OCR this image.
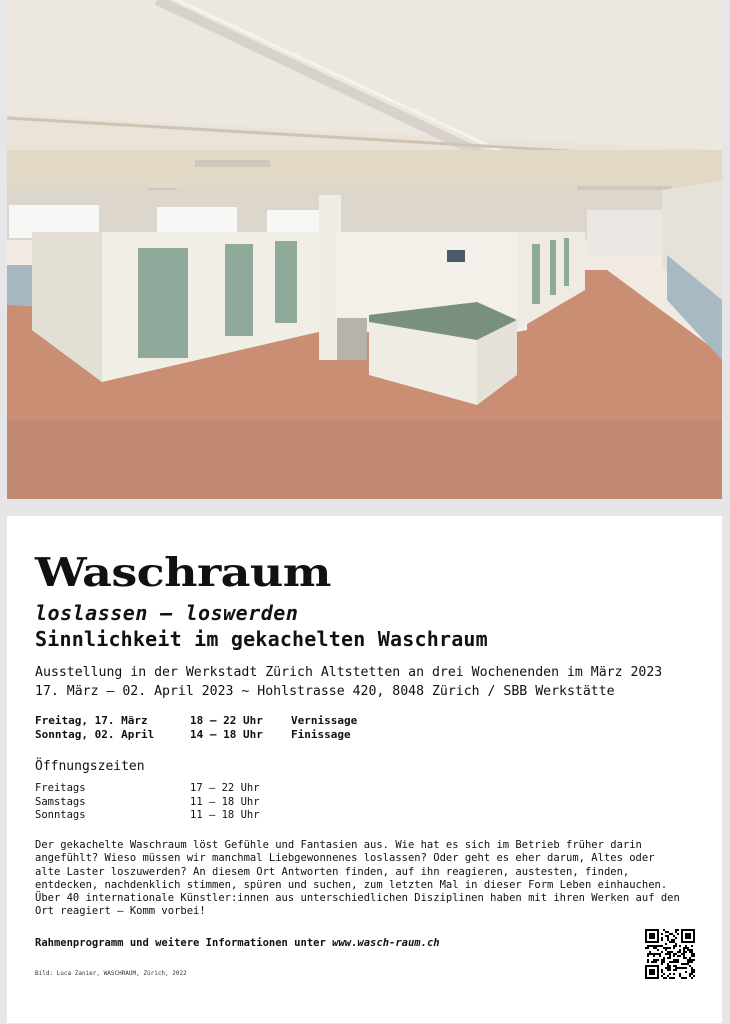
Waschraum
loslassen – loswerden
Sinnlichkeit im gekachelten Waschraum
Ausstellung in der Werkstadt Zürich Altstetten an drei Wochenenden im März 2023
17. März – 02. April 2023 ~ Hohlstrasse 420, 8048 Zürich / SBB Werkstätte
Freitag, 17. März	18 – 22 Uhr	Vernissage
Sonntag, 02. April	14 – 18 Uhr	Finissage
Öffnungszeiten
Freitags	17 – 22 Uhr
Samstags	11 – 18 Uhr
Sonntags	11 – 18 Uhr
Der gekachelte Waschraum löst Gefühle und Fantasien aus. Wie hat es sich im Betrieb früher darin
angefühlt? Wieso müssen wir manchmal Liebgewonnenes loslassen? Oder geht es eher darum, Altes oder
alte Laster loszuwerden? An diesem Ort Antworten finden, auf ihn reagieren, austesten, finden,
entdecken, nachdenklich stimmen, spüren und suchen, zum letzten Mal in dieser Form Leben einhauchen.
Über 40 internationale Künstler:innen aus unterschiedlichen Disziplinen haben mit ihren Werken auf den
Ort reagiert – Komm vorbei!
Rahmenprogramm und weitere Informationen unter www.wasch-raum.ch
Bild: Luca Zanier, WASCHRAUM, Zürich, 2022
